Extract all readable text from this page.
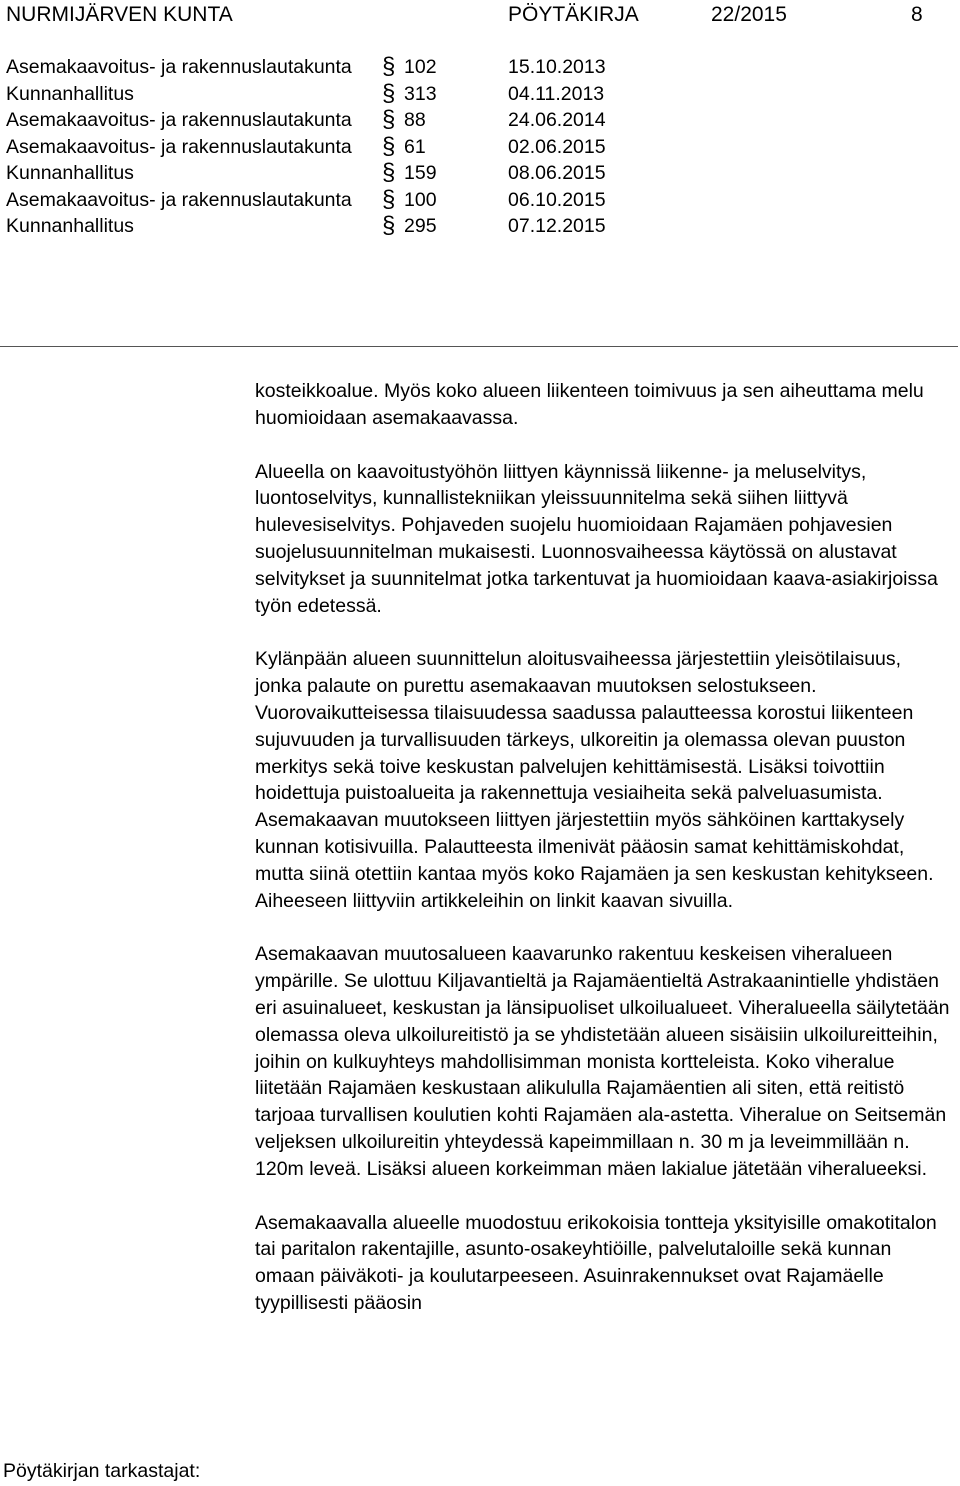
NURMIJÄRVEN KUNTA	PÖYTÄKIRJA	22/2015	8
Asemakaavoitus- ja rakennuslautakunta	§ 102	15.10.2013
Kunnanhallitus	§ 313	04.11.2013
Asemakaavoitus- ja rakennuslautakunta	§ 88	24.06.2014
Asemakaavoitus- ja rakennuslautakunta	§ 61	02.06.2015
Kunnanhallitus	§ 159	08.06.2015
Asemakaavoitus- ja rakennuslautakunta	§ 100	06.10.2015
Kunnanhallitus	§ 295	07.12.2015

kosteikkoalue. Myös koko alueen liikenteen toimivuus ja sen aiheuttama melu huomioidaan asemakaavassa.

Alueella on kaavoitustyöhön liittyen käynnissä liikenne- ja meluselvitys, luontoselvitys, kunnallistekniikan yleissuunnitelma sekä siihen liittyvä hulevesiselvitys. Pohjaveden suojelu huomioidaan Rajamäen pohjavesien suojelusuunnitelman mukaisesti. Luonnosvaiheessa käytössä on alustavat selvitykset ja suunnitelmat jotka tarkentuvat ja huomioidaan kaava-asiakirjoissa työn edetessä.

Kylänpään alueen suunnittelun aloitusvaiheessa järjestettiin yleisötilaisuus, jonka palaute on purettu asemakaavan muutoksen selostukseen. Vuorovaikutteisessa tilaisuudessa saadussa palautteessa korostui liikenteen sujuvuuden ja turvallisuuden tärkeys, ulkoreitin ja olemassa olevan puuston merkitys sekä toive keskustan palvelujen kehittämisestä. Lisäksi toivottiin hoidettuja puistoalueita ja rakennettuja vesiaiheita sekä palveluasumista. Asemakaavan muutokseen liittyen järjestettiin myös sähköinen karttakysely kunnan kotisivuilla. Palautteesta ilmenivät pääosin samat kehittämiskohdat, mutta siinä otettiin kantaa myös koko Rajamäen ja sen keskustan kehitykseen. Aiheeseen liittyviin artikkeleihin on linkit kaavan sivuilla.

Asemakaavan muutosalueen kaavarunko rakentuu keskeisen viheralueen ympärille. Se ulottuu Kiljavantieltä ja Rajamäentieltä Astrakaanintielle yhdistäen eri asuinalueet, keskustan ja länsipuoliset ulkoilualueet. Viheralueella säilytetään olemassa oleva ulkoilureitistö ja se yhdistetään alueen sisäisiin ulkoilureitteihin, joihin on kulkuyhteys mahdollisimman monista kortteleista. Koko viheralue liitetään Rajamäen keskustaan alikululla Rajamäentien ali siten, että reitistö tarjoaa turvallisen koulutien kohti Rajamäen ala-astetta. Viheralue on Seitsemän veljeksen ulkoilureitin yhteydessä kapeimmillaan n. 30 m ja leveimmillään n. 120m leveä. Lisäksi alueen korkeimman mäen lakialue jätetään viheralueeksi.

Asemakaavalla alueelle muodostuu erikokoisia tontteja yksityisille omakotitalon tai paritalon rakentajille, asunto-osakeyhtiöille, palvelutaloille sekä kunnan omaan päiväkoti- ja koulutarpeeseen. Asuinrakennukset ovat Rajamäelle tyypillisesti pääosin

Pöytäkirjan tarkastajat:
